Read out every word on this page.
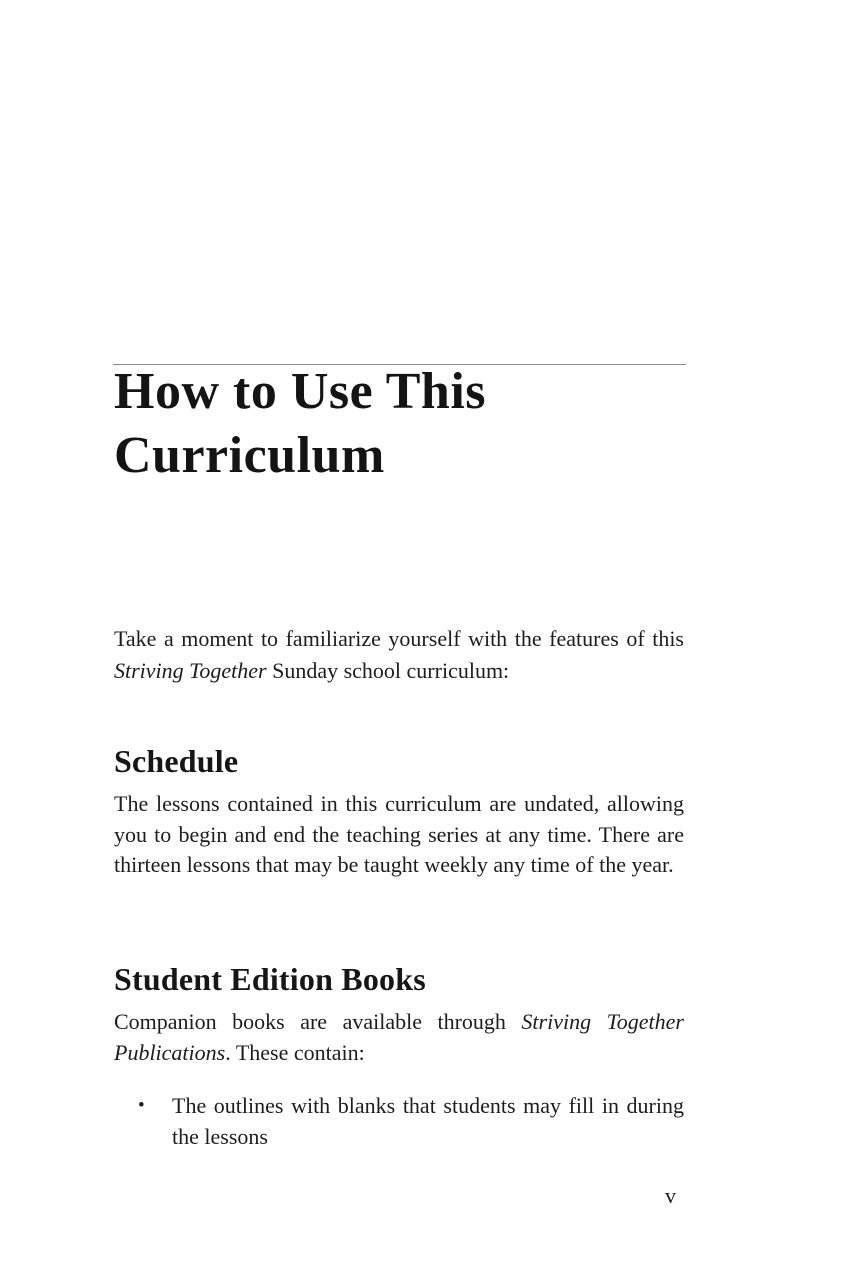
How to Use This
Curriculum

Take a moment to familiarize yourself with the features of this Striving Together Sunday school curriculum:

Schedule

The lessons contained in this curriculum are undated, allowing you to begin and end the teaching series at any time. There are thirteen lessons that may be taught weekly any time of the year.

Student Edition Books

Companion books are available through Striving Together Publications. These contain:

•	The outlines with blanks that students may fill in during the lessons
v
